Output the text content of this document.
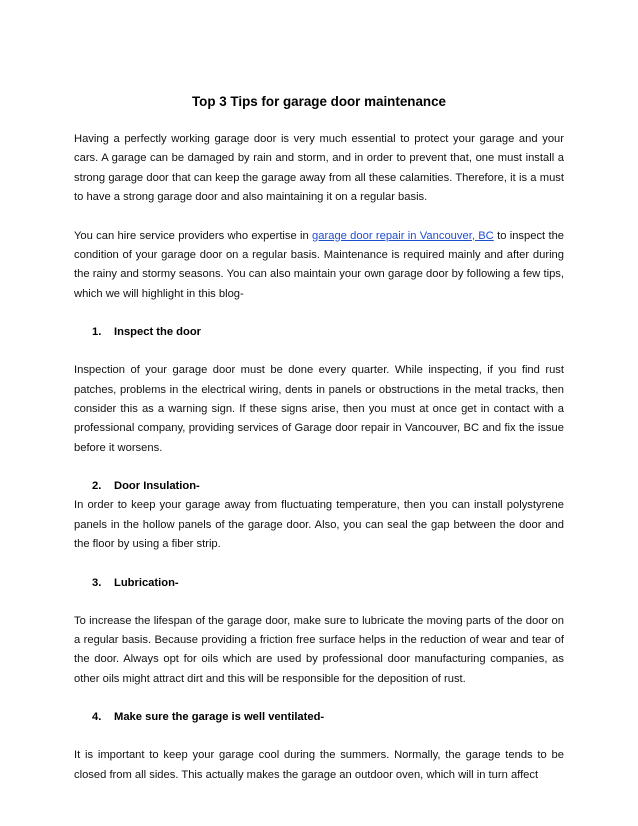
Top 3 Tips for garage door maintenance

Having a perfectly working garage door is very much essential to protect your garage and your cars. A garage can be damaged by rain and storm, and in order to prevent that, one must install a strong garage door that can keep the garage away from all these calamities. Therefore, it is a must to have a strong garage door and also maintaining it on a regular basis.

You can hire service providers who expertise in garage door repair in Vancouver, BC to inspect the condition of your garage door on a regular basis. Maintenance is required mainly and after during the rainy and stormy seasons. You can also maintain your own garage door by following a few tips, which we will highlight in this blog-

1. Inspect the door

Inspection of your garage door must be done every quarter. While inspecting, if you find rust patches, problems in the electrical wiring, dents in panels or obstructions in the metal tracks, then consider this as a warning sign. If these signs arise, then you must at once get in contact with a professional company, providing services of Garage door repair in Vancouver, BC and fix the issue before it worsens.

2. Door Insulation-

In order to keep your garage away from fluctuating temperature, then you can install polystyrene panels in the hollow panels of the garage door. Also, you can seal the gap between the door and the floor by using a fiber strip.

3. Lubrication-

To increase the lifespan of the garage door, make sure to lubricate the moving parts of the door on a regular basis. Because providing a friction free surface helps in the reduction of wear and tear of the door. Always opt for oils which are used by professional door manufacturing companies, as other oils might attract dirt and this will be responsible for the deposition of rust.

4. Make sure the garage is well ventilated-

It is important to keep your garage cool during the summers. Normally, the garage tends to be closed from all sides. This actually makes the garage an outdoor oven, which will in turn affect
